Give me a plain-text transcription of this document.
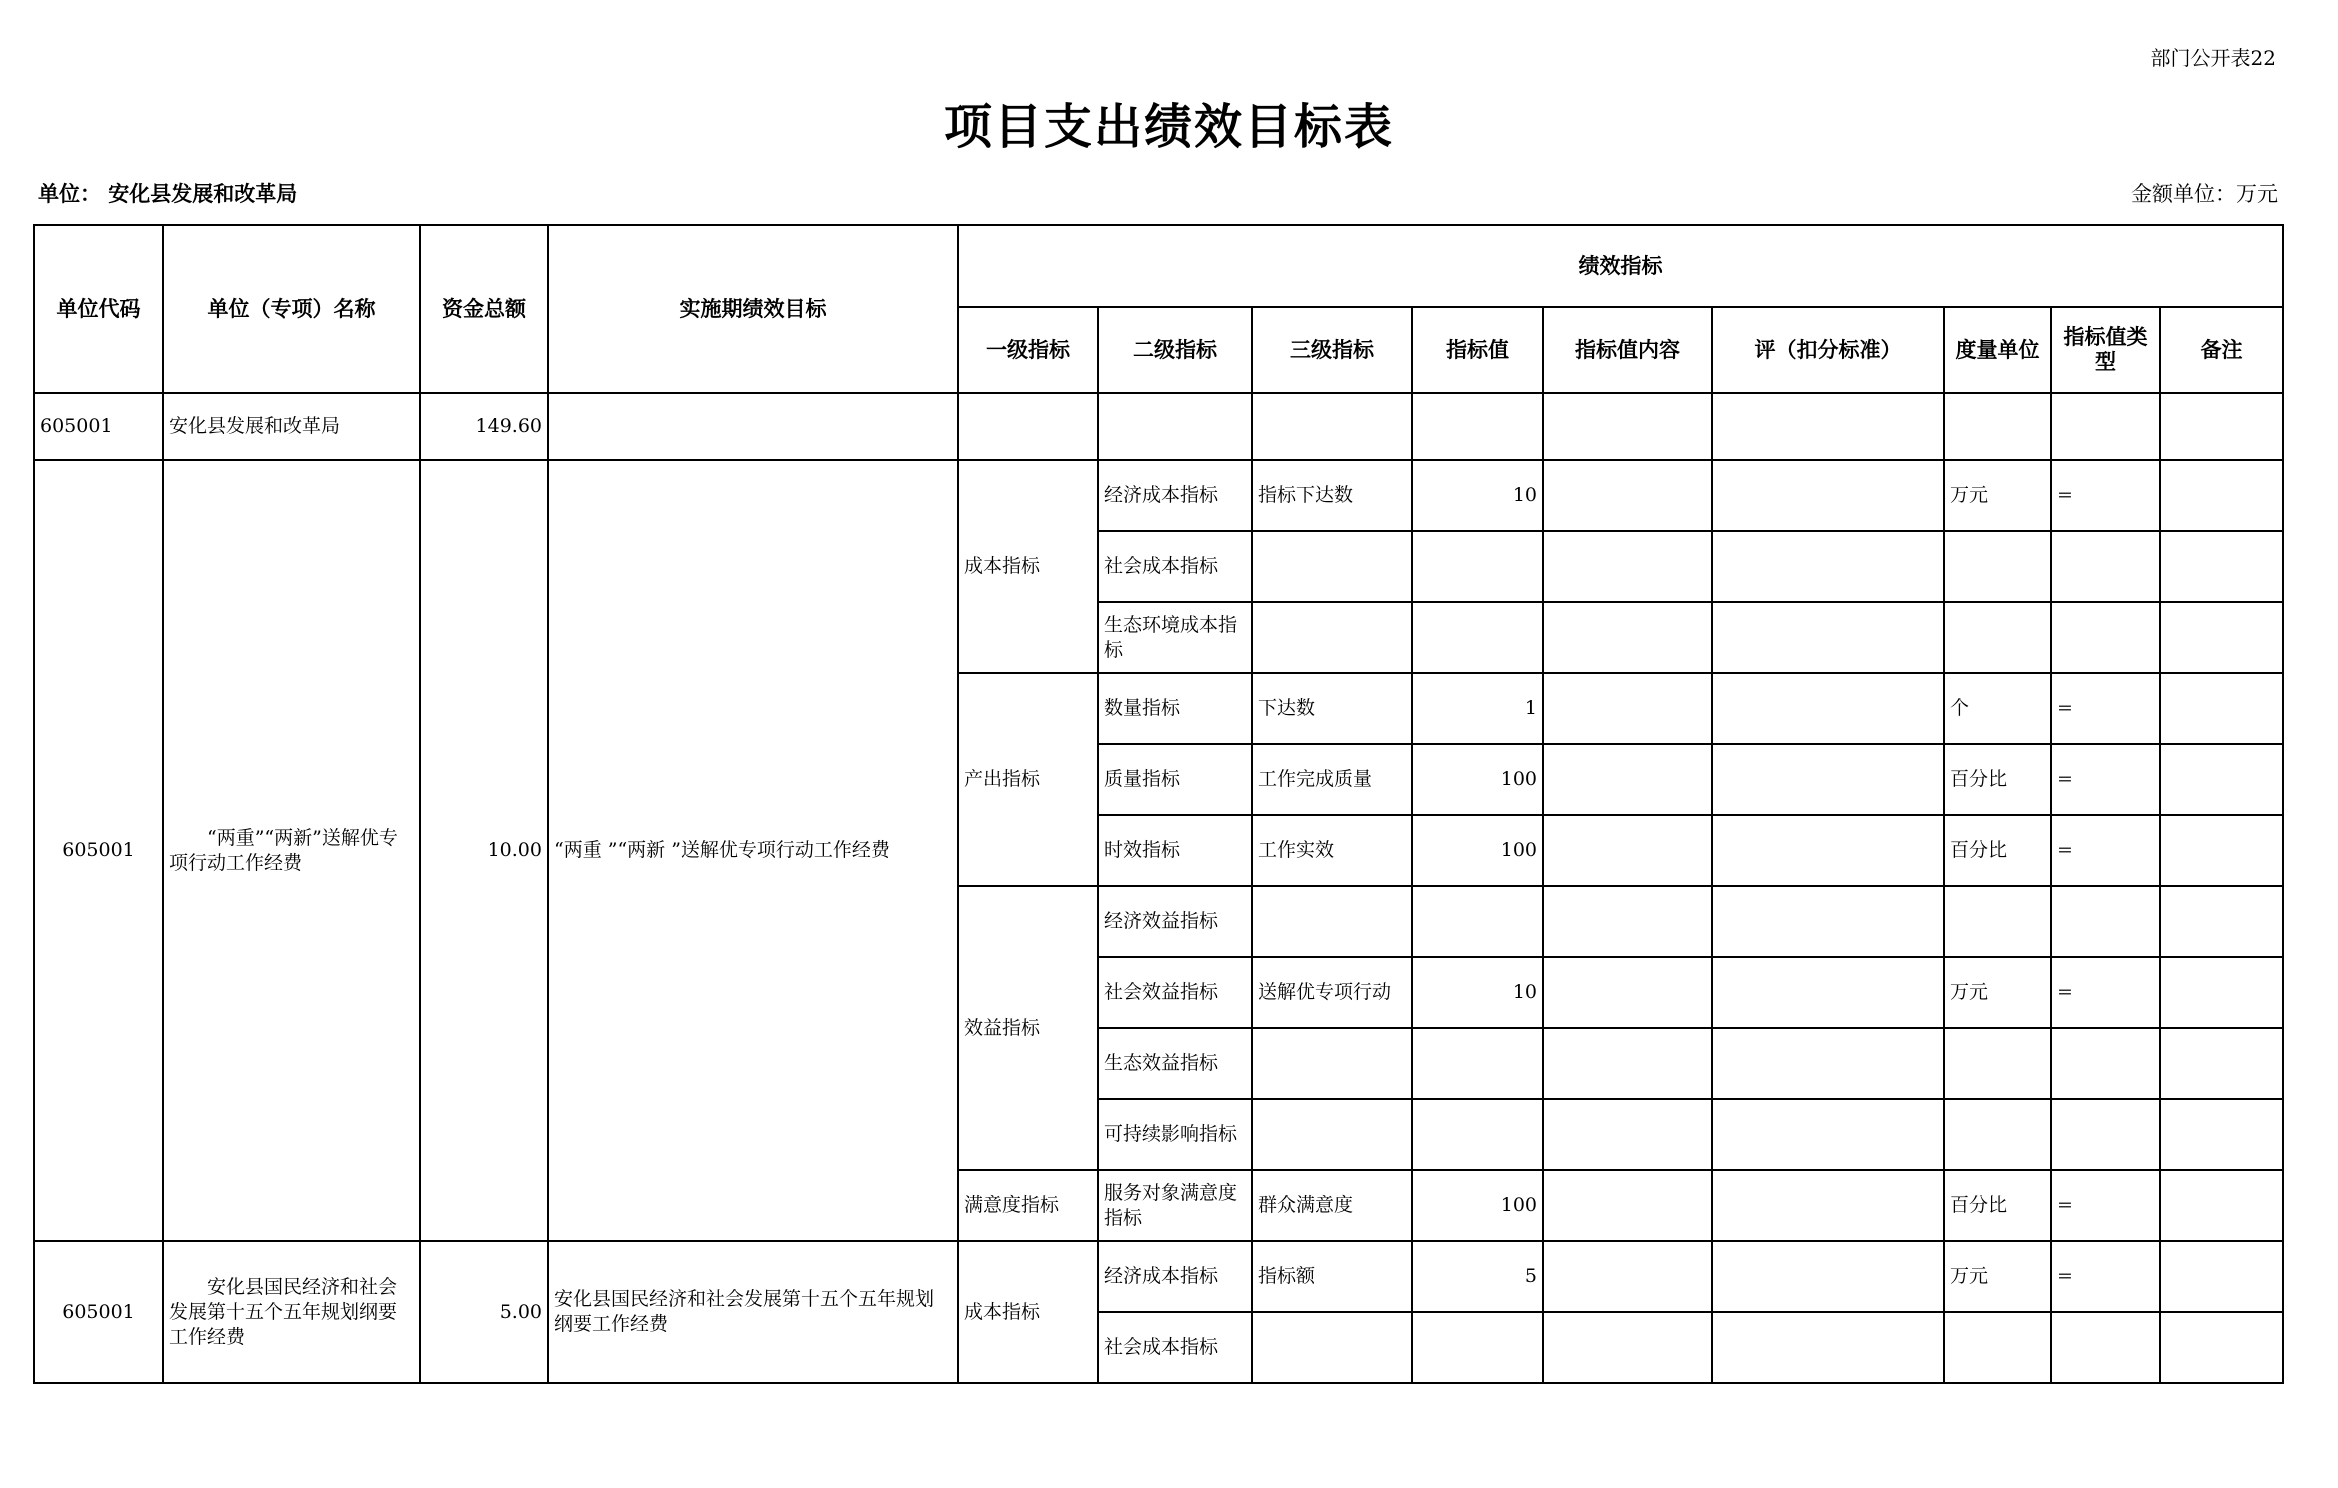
部门公开表22
项目支出绩效目标表
单位： 安化县发展和改革局	金额单位：万元
单位代码	单位（专项）名称	资金总额	实施期绩效目标	绩效指标								
				一级指标	二级指标	三级指标	指标值	指标值内容	评（扣分标准）	度量单位	指标值类型	备注
605001	安化县发展和改革局	149.60										
605001	“两重”“两新”送解优专项行动工作经费	10.00	“两重 ”“两新 ”送解优专项行动工作经费	成本指标	经济成本指标	指标下达数	10			万元	=	
					社会成本指标							
					生态环境成本指标							
				产出指标	数量指标	下达数	1			个	=	
					质量指标	工作完成质量	100			百分比	=	
					时效指标	工作实效	100			百分比	=	
				效益指标	经济效益指标							
					社会效益指标	送解优专项行动	10			万元	=	
					生态效益指标							
					可持续影响指标							
				满意度指标	服务对象满意度指标	群众满意度	100			百分比	=	
605001	安化县国民经济和社会发展第十五个五年规划纲要工作经费	5.00	安化县国民经济和社会发展第十五个五年规划纲要工作经费	成本指标	经济成本指标	指标额	5			万元	=	
					社会成本指标							
